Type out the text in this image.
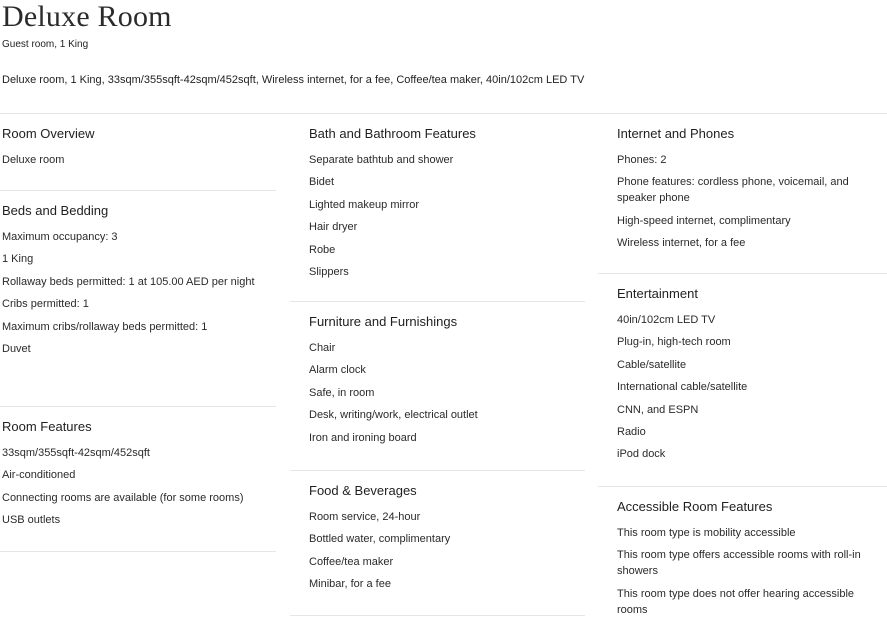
Deluxe Room
Guest room, 1 King
Deluxe room, 1 King, 33sqm/355sqft-42sqm/452sqft, Wireless internet, for a fee, Coffee/tea maker, 40in/102cm LED TV
Room Overview
Deluxe room
Beds and Bedding
Maximum occupancy: 3
1 King
Rollaway beds permitted: 1 at 105.00 AED per night
Cribs permitted: 1
Maximum cribs/rollaway beds permitted: 1
Duvet
Room Features
33sqm/355sqft-42sqm/452sqft
Air-conditioned
Connecting rooms are available (for some rooms)
USB outlets
Bath and Bathroom Features
Separate bathtub and shower
Bidet
Lighted makeup mirror
Hair dryer
Robe
Slippers
Furniture and Furnishings
Chair
Alarm clock
Safe, in room
Desk, writing/work, electrical outlet
Iron and ironing board
Food & Beverages
Room service, 24-hour
Bottled water, complimentary
Coffee/tea maker
Minibar, for a fee
Internet and Phones
Phones: 2
Phone features: cordless phone, voicemail, and speaker phone
High-speed internet, complimentary
Wireless internet, for a fee
Entertainment
40in/102cm LED TV
Plug-in, high-tech room
Cable/satellite
International cable/satellite
CNN, and ESPN
Radio
iPod dock
Accessible Room Features
This room type is mobility accessible
This room type offers accessible rooms with roll-in showers
This room type does not offer hearing accessible rooms
